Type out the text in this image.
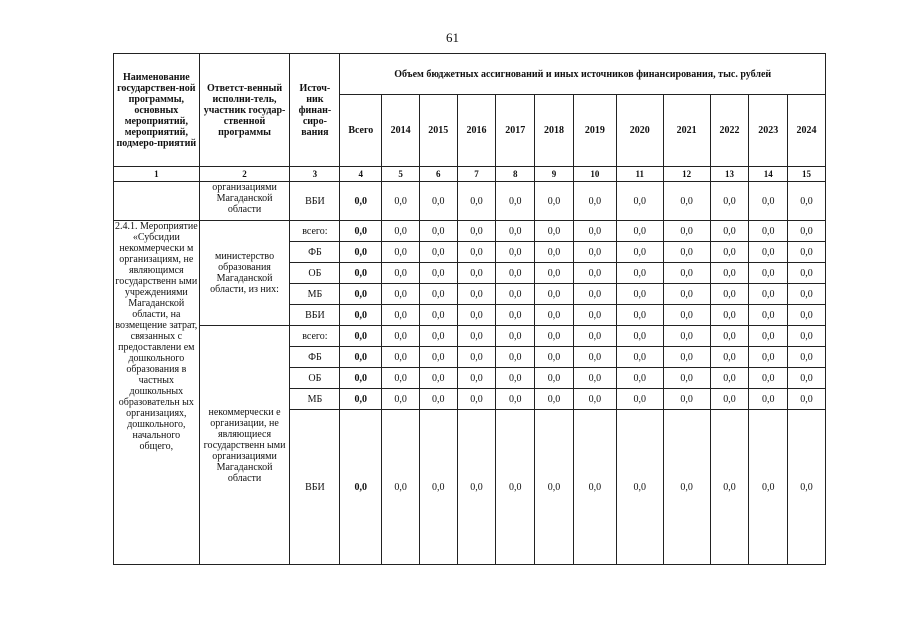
61
Наименование государствен-ной программы, основных мероприятий, мероприятий, подмеро-приятий	Ответст-венный исполни-тель, участник государ-ственной программы	Источ-ник финан-сиро-вания	Объем бюджетных ассигнований и иных источников финансирования, тыс. рублей											
			Всего	2014	2015	2016	2017	2018	2019	2020	2021	2022	2023	2024
1	2	3	4	5	6	7	8	9	10	11	12	13	14	15
	организациями Магаданской области	ВБИ	0,0	0,0	0,0	0,0	0,0	0,0	0,0	0,0	0,0	0,0	0,0	0,0
2.4.1. Мероприятие «Субсидии некоммерчески м организациям, не являющимся государственн ыми учреждениями Магаданской области, на возмещение затрат, связанных с предоставлени ем дошкольного образования в частных дошкольных образовательн ых организациях, дошкольного, начального общего,	министерство образования Магаданской области, из них:	всего:	0,0	0,0	0,0	0,0	0,0	0,0	0,0	0,0	0,0	0,0	0,0	0,0
		ФБ	0,0	0,0	0,0	0,0	0,0	0,0	0,0	0,0	0,0	0,0	0,0	0,0
		ОБ	0,0	0,0	0,0	0,0	0,0	0,0	0,0	0,0	0,0	0,0	0,0	0,0
		МБ	0,0	0,0	0,0	0,0	0,0	0,0	0,0	0,0	0,0	0,0	0,0	0,0
		ВБИ	0,0	0,0	0,0	0,0	0,0	0,0	0,0	0,0	0,0	0,0	0,0	0,0
	некоммерчески е организации, не являющиеся государственн ыми организациями Магаданской области	всего:	0,0	0,0	0,0	0,0	0,0	0,0	0,0	0,0	0,0	0,0	0,0	0,0
		ФБ	0,0	0,0	0,0	0,0	0,0	0,0	0,0	0,0	0,0	0,0	0,0	0,0
		ОБ	0,0	0,0	0,0	0,0	0,0	0,0	0,0	0,0	0,0	0,0	0,0	0,0
		МБ	0,0	0,0	0,0	0,0	0,0	0,0	0,0	0,0	0,0	0,0	0,0	0,0
		ВБИ	0,0	0,0	0,0	0,0	0,0	0,0	0,0	0,0	0,0	0,0	0,0	0,0
